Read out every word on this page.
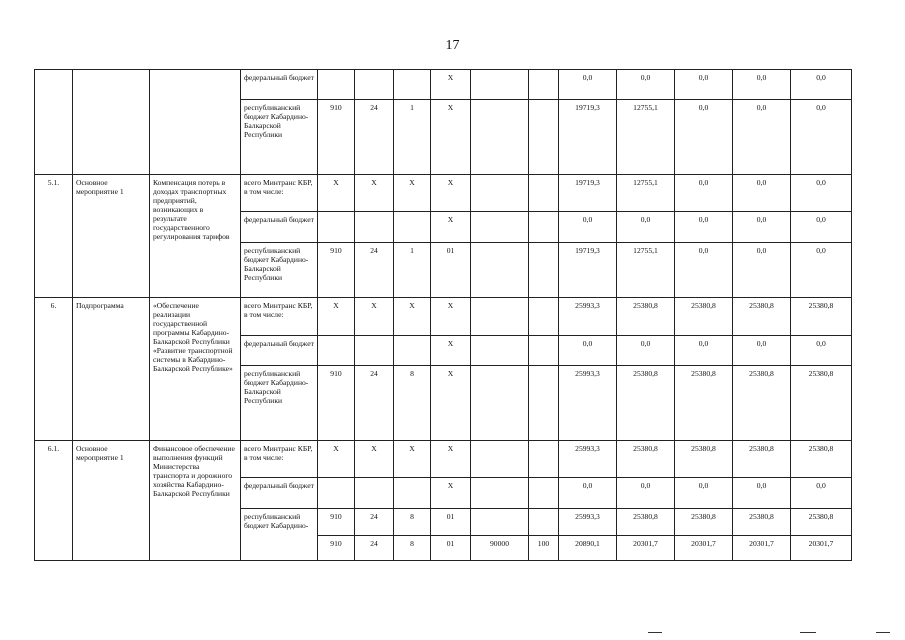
17
			федеральный бюджет				X			0,0	0,0	0,0	0,0	0,0
			республиканский бюджет Кабардино-Балкарской Республики	910	24	1	X			19719,3	12755,1	0,0	0,0	0,0
5.1.	Основное мероприятие 1	Компенсация потерь в доходах транспортных предприятий, возникающих в результате государственного регулирования тарифов	всего Минтранс КБР, в том числе:	X	X	X	X			19719,3	12755,1	0,0	0,0	0,0
			федеральный бюджет				X			0,0	0,0	0,0	0,0	0,0
			республиканский бюджет Кабардино-Балкарской Республики	910	24	1	01			19719,3	12755,1	0,0	0,0	0,0
6.	Подпрограмма	«Обеспечение реализации государственной программы Кабардино-Балкарской Республики «Развитие транспортной системы в Кабардино-Балкарской Республике»	всего Минтранс КБР, в том числе:	X	X	X	X			25993,3	25380,8	25380,8	25380,8	25380,8
			федеральный бюджет				X			0,0	0,0	0,0	0,0	0,0
			республиканский бюджет Кабардино-Балкарской Республики	910	24	8	X			25993,3	25380,8	25380,8	25380,8	25380,8
6.1.	Основное мероприятие 1	Финансовое обеспечение выполнения функций Министерства транспорта и дорожного хозяйства Кабардино-Балкарской Республики	всего Минтранс КБР, в том числе:	X	X	X	X			25993,3	25380,8	25380,8	25380,8	25380,8
			федеральный бюджет				X			0,0	0,0	0,0	0,0	0,0
			республиканский бюджет Кабардино-	910	24	8	01			25993,3	25380,8	25380,8	25380,8	25380,8
				910	24	8	01	90000	100	20890,1	20301,7	20301,7	20301,7	20301,7
